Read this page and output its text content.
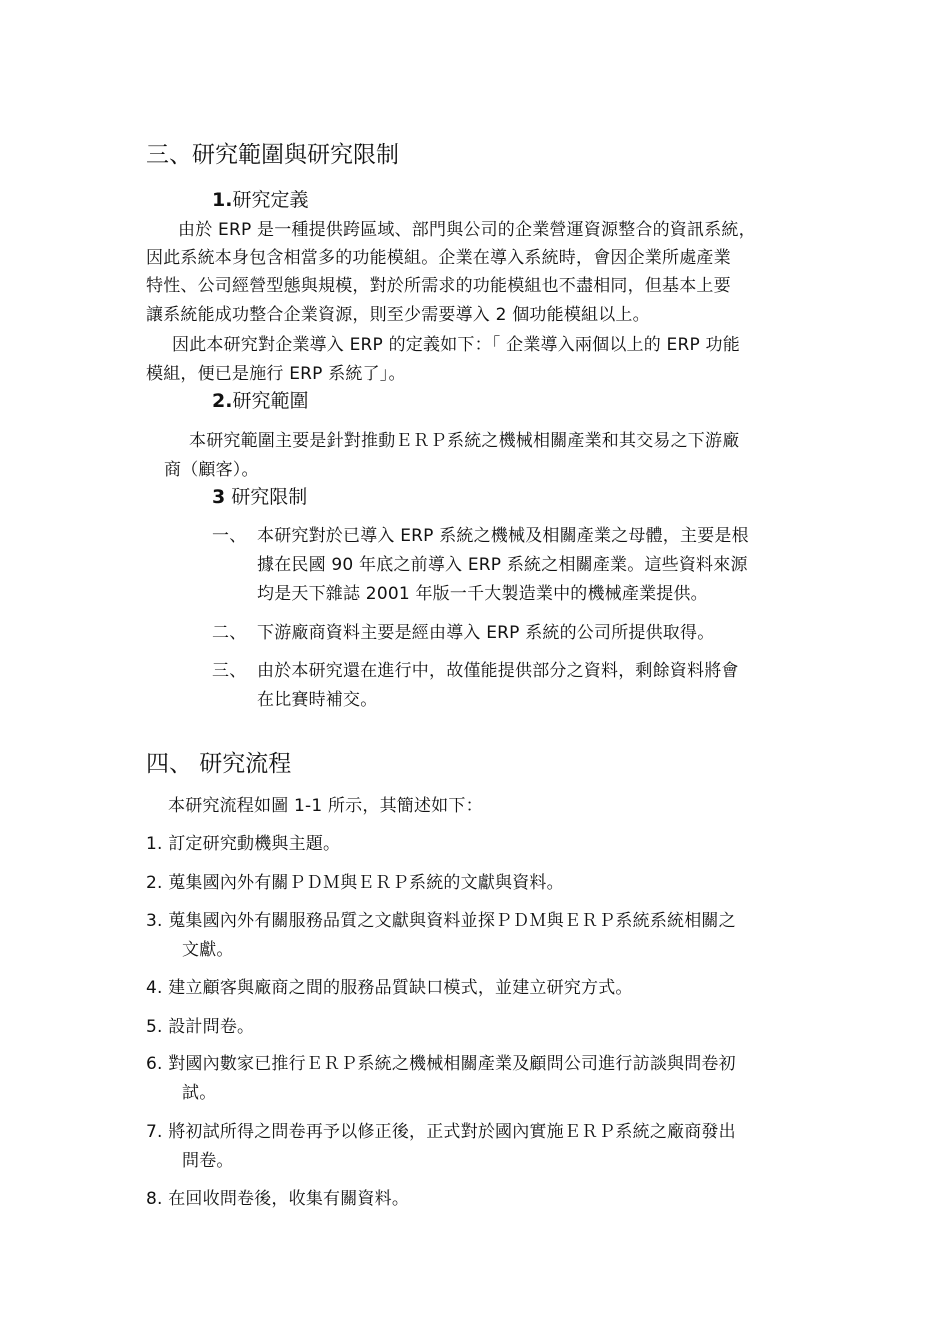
三、研究範圍與研究限制
1.研究定義
由於 ERP 是一種提供跨區域、部門與公司的企業營運資源整合的資訊系統，
因此系統本身包含相當多的功能模組。企業在導入系統時，會因企業所處產業
特性、公司經營型態與規模，對於所需求的功能模組也不盡相同，但基本上要
讓系統能成功整合企業資源，則至少需要導入 2 個功能模組以上。
因此本研究對企業導入 ERP 的定義如下：「 企業導入兩個以上的 ERP 功能
模組，便已是施行 ERP 系統了」。
2.研究範圍
本研究範圍主要是針對推動ＥＲＰ系統之機械相關產業和其交易之下游廠
商（顧客）。
3 研究限制
一、 本研究對於已導入 ERP 系統之機械及相關產業之母體，主要是根
據在民國 90 年底之前導入 ERP 系統之相關產業。這些資料來源
均是天下雜誌 2001 年版一千大製造業中的機械產業提供。
二、 下游廠商資料主要是經由導入 ERP 系統的公司所提供取得。
三、 由於本研究還在進行中，故僅能提供部分之資料，剩餘資料將會
在比賽時補交。
四、 研究流程
本研究流程如圖 1-1 所示，其簡述如下：
1. 訂定研究動機與主題。
2. 蒐集國內外有關ＰＤＭ與ＥＲＰ系統的文獻與資料。
3. 蒐集國內外有關服務品質之文獻與資料並探ＰＤＭ與ＥＲＰ系統系統相關之
文獻。
4. 建立顧客與廠商之間的服務品質缺口模式，並建立研究方式。
5. 設計問卷。
6. 對國內數家已推行ＥＲＰ系統之機械相關產業及顧問公司進行訪談與問卷初
試。
7. 將初試所得之問卷再予以修正後，正式對於國內實施ＥＲＰ系統之廠商發出
問卷。
8. 在回收問卷後，收集有關資料。
